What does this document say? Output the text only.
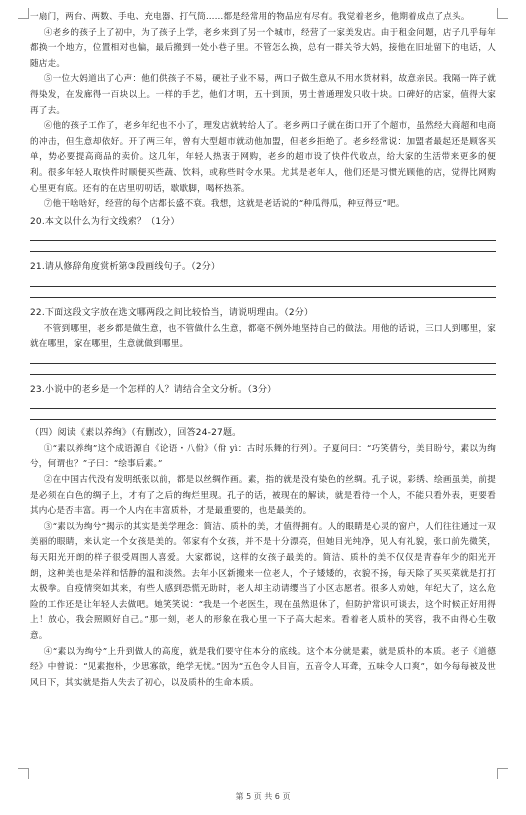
一扇门，两台、两数、手电、充电器、打气筒……都是经常用的物品应有尽有。我觉着老乡，他期着成点了点头。

④老乡的孩子上了初中，为了孩子上学，老乡来到了另一个城市，经营了一家美发店。由于租金问题，店子几乎每年都换一个地方，位置相对也偏，最后搬到一处小巷子里。不管怎么换，总有一群关爷大妈，接他在旧址留下的电话，人随店走。

⑤一位大妈道出了心声：他们供孩子不易，硬社子业不易，两口子做生意从不用水货材料，故意亲民。我隔一阵子就得染发，在发廊得一百块以上。一样的手艺，他们才明，五十到顶，男士普通理发只收十块。口碑好的店家，值得大家再了去。

⑥他的孩子工作了，老乡年纪也不小了，理发店就转给人了。老乡两口子就在街口开了个超市，虽然经大商超和电商的冲击，但生意却依好。开了两三年，曾有大型超市就动他加盟，但老乡拒绝了。老乡经常说：加盟者最起还是顾客买单，势必要提高商品的卖价。这几年，年轻人热衷于网购，老乡的超市设了快件代收点，给大家的生活带来更多的便利。很多年轻人取快件时顺便买些蔬、饮料，或称些时令水果。尤其是老年人，他们还是习惯光顾他的店，觉得比网购心里更有底。还有的在店里叨叨话，歇歇脚，喝杯热茶。

⑦他干啥啥好，经营的每个店都长盛不衰。我想，这就是老话说的“种瓜得瓜，种豆得豆”吧。

20.本文以什么为行文线索？（1分）

21.请从修辞角度赏析第③段画线句子。（2分）

22.下面这段文字放在选文哪两段之间比较恰当，请说明理由。（2分）

不管到哪里，老乡都是做生意，也不管做什么生意，都毫不例外地坚持自己的做法。用他的话说，三口人到哪里，家就在哪里，家在哪里，生意就做到哪里。

23.小说中的老乡是一个怎样的人？请结合全文分析。（3分）

（四）阅读《素以养绚》（有删改），回答24-27题。

①“素以养绚”这个成语源自《论语・八佾》（佾 yì：古时乐舞的行列）。子夏问曰：“巧笑倩兮，美目盼兮，素以为绚兮，何谓也？”子曰：“绘事后素。”

②在中国古代没有发明纸张以前，都是以丝绸作画。素，指的就是没有染色的丝绸。孔子说，彩绣、绘画虽美，前提是必须在白色的绸子上，才有了之后的绚烂里现。孔子的话，被现在的解读，就是看待一个人，不能只看外表，更要看其内心是否丰富。再一个人内在丰富质朴，才是最重要的，也是最美的。

③“素以为绚兮”揭示的其实是美学理念：简洁、质朴的美，才值得拥有。人的眼睛是心灵的窗户，人们往往通过一双美丽的眼睛，来认定一个女孩是美的。邻家有个女孩，并不是十分漂亮，但她目光纯净，见人有礼貌，张口前先微笑，每天阳光开朗的样子很受周围人喜爱。大家都说，这样的女孩子最美的。简洁、质朴的美不仅仅是青春年少的阳光开朗，这种美也是朵祥和恬静的温和淡然。去年小区新搬来一位老人，个子矮矮的，衣貌不扬，每天除了买买菜就是打打太极拳。自疫情突如其来，有些人感到恐慌无助时，老人却主动请缨当了小区志愿者。很多人劝她，年纪大了，这么危险的工作还是让年轻人去做吧。她笑笑说：“我是一个老医生，现在虽然退休了，但防护常识可谈去，这个时候正好用得上！放心，我会照顾好自己。”那一刻，老人的形象在我心里一下子高大起来。看着老人质朴的笑容，我不由得心生敬意。

④“素以为绚兮”上升到做人的高度，就是我们要守住本分的底线。这个本分就是素，就是质朴的本质。老子《道德经》中曾说：“见素抱朴，少思寡欲，绝学无忧。”因为“五色令人目盲，五音令人耳聋，五味令人口爽”，如今每每被及世风日下，其实就是指人失去了初心，以及质朴的生命本质。

第 5 页 共 6 页
